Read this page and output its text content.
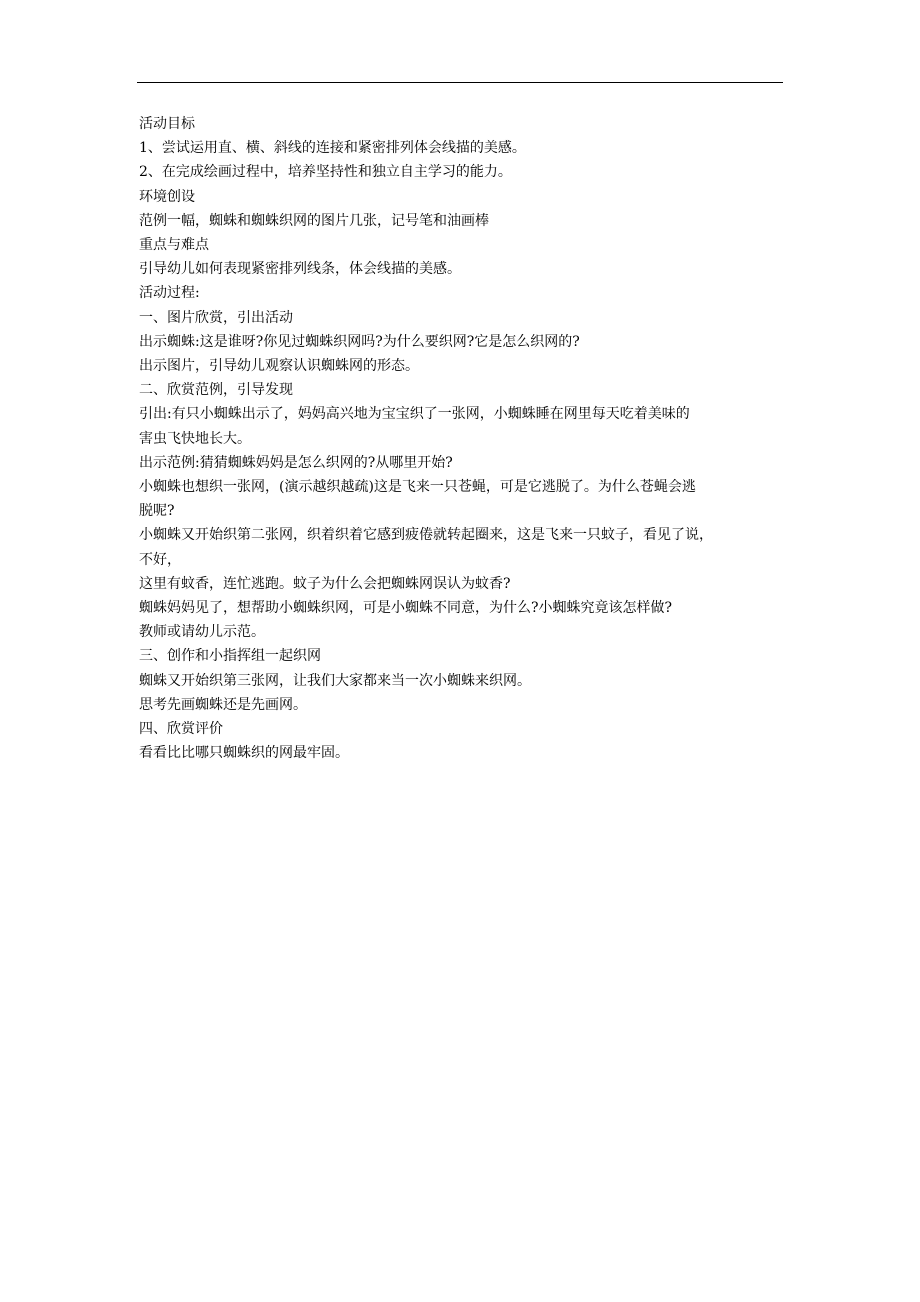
活动目标

1、尝试运用直、横、斜线的连接和紧密排列体会线描的美感。

2、在完成绘画过程中，培养坚持性和独立自主学习的能力。

环境创设

范例一幅，蜘蛛和蜘蛛织网的图片几张，记号笔和油画棒

重点与难点

引导幼儿如何表现紧密排列线条，体会线描的美感。

活动过程:

一、图片欣赏，引出活动

出示蜘蛛:这是谁呀?你见过蜘蛛织网吗?为什么要织网?它是怎么织网的?

出示图片，引导幼儿观察认识蜘蛛网的形态。

二、欣赏范例，引导发现

引出:有只小蜘蛛出示了，妈妈高兴地为宝宝织了一张网，小蜘蛛睡在网里每天吃着美味的

害虫飞快地长大。

出示范例:猜猜蜘蛛妈妈是怎么织网的?从哪里开始?

小蜘蛛也想织一张网，(演示越织越疏)这是飞来一只苍蝇，可是它逃脱了。为什么苍蝇会逃

脱呢?

小蜘蛛又开始织第二张网，织着织着它感到疲倦就转起圈来，这是飞来一只蚊子，看见了说，

不好，

这里有蚊香，连忙逃跑。蚊子为什么会把蜘蛛网误认为蚊香?

蜘蛛妈妈见了，想帮助小蜘蛛织网，可是小蜘蛛不同意，为什么?小蜘蛛究竟该怎样做?

教师或请幼儿示范。

三、创作和小指挥组一起织网

蜘蛛又开始织第三张网，让我们大家都来当一次小蜘蛛来织网。

思考先画蜘蛛还是先画网。

四、欣赏评价

看看比比哪只蜘蛛织的网最牢固。
